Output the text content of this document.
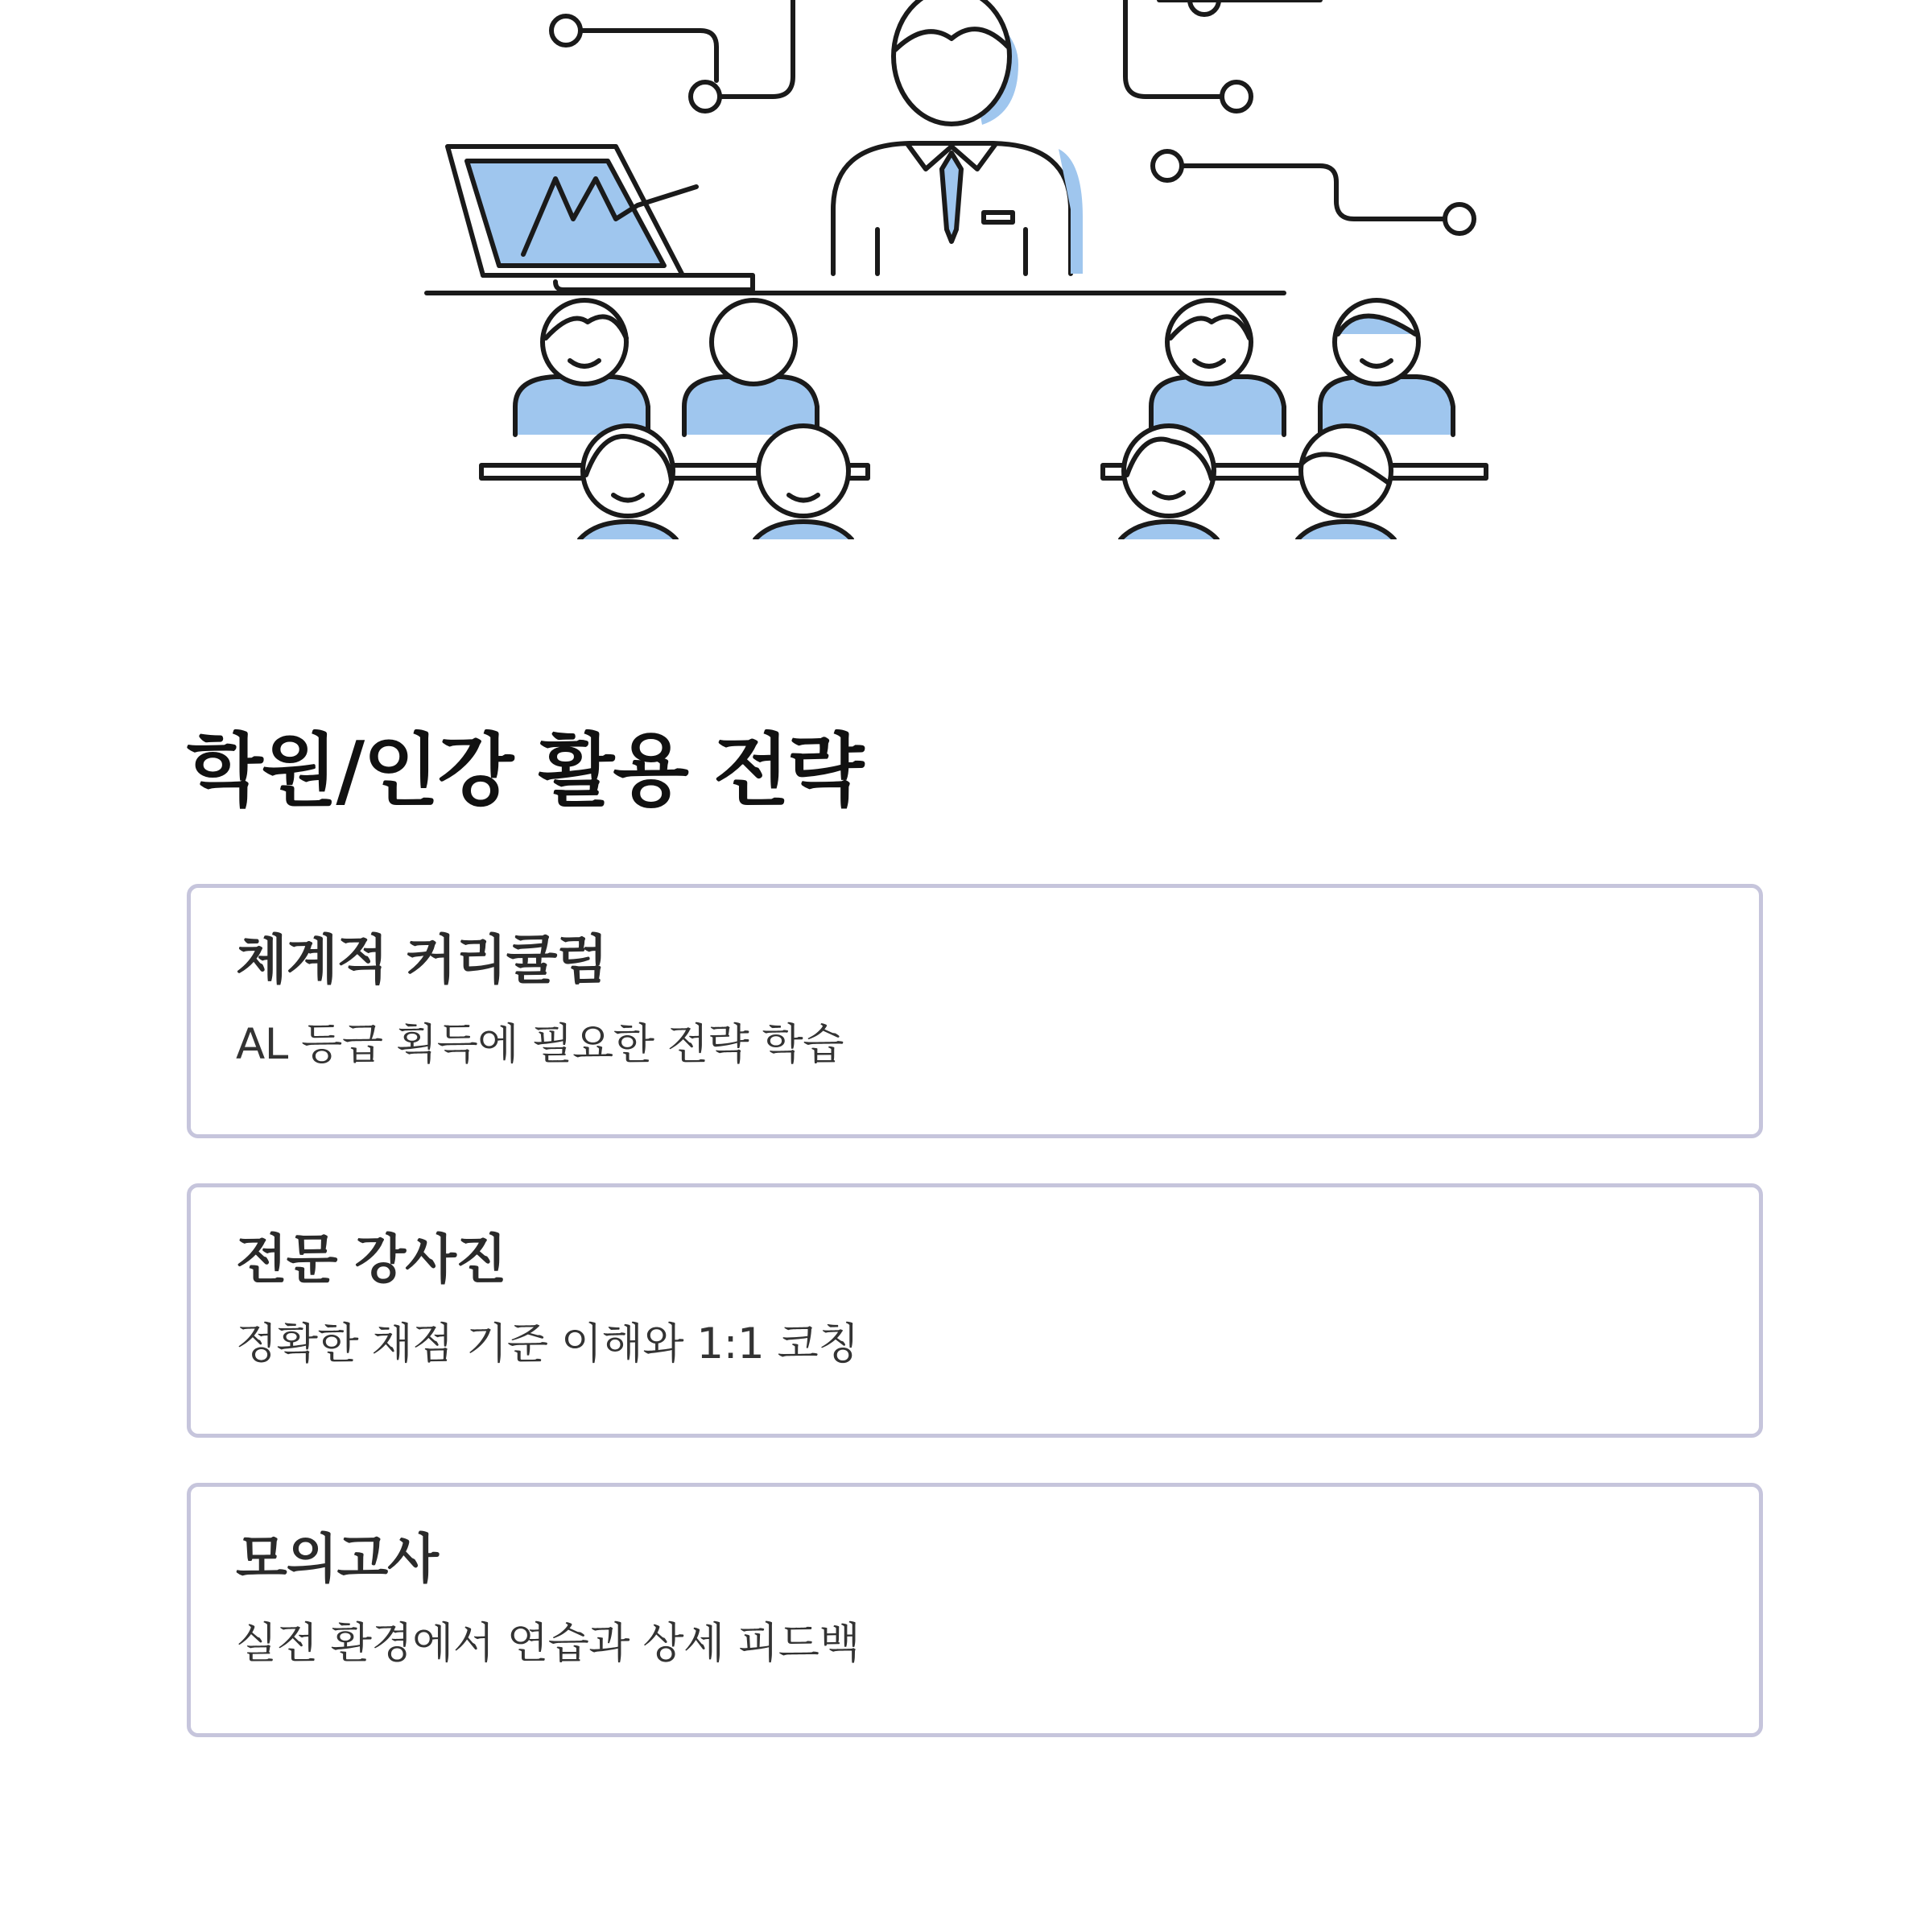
학원/인강 활용 전략
체계적 커리큘럼

AL 등급 획득에 필요한 전략 학습

전문 강사진

정확한 채점 기준 이해와 1:1 코칭

모의고사

실전 환경에서 연습과 상세 피드백
